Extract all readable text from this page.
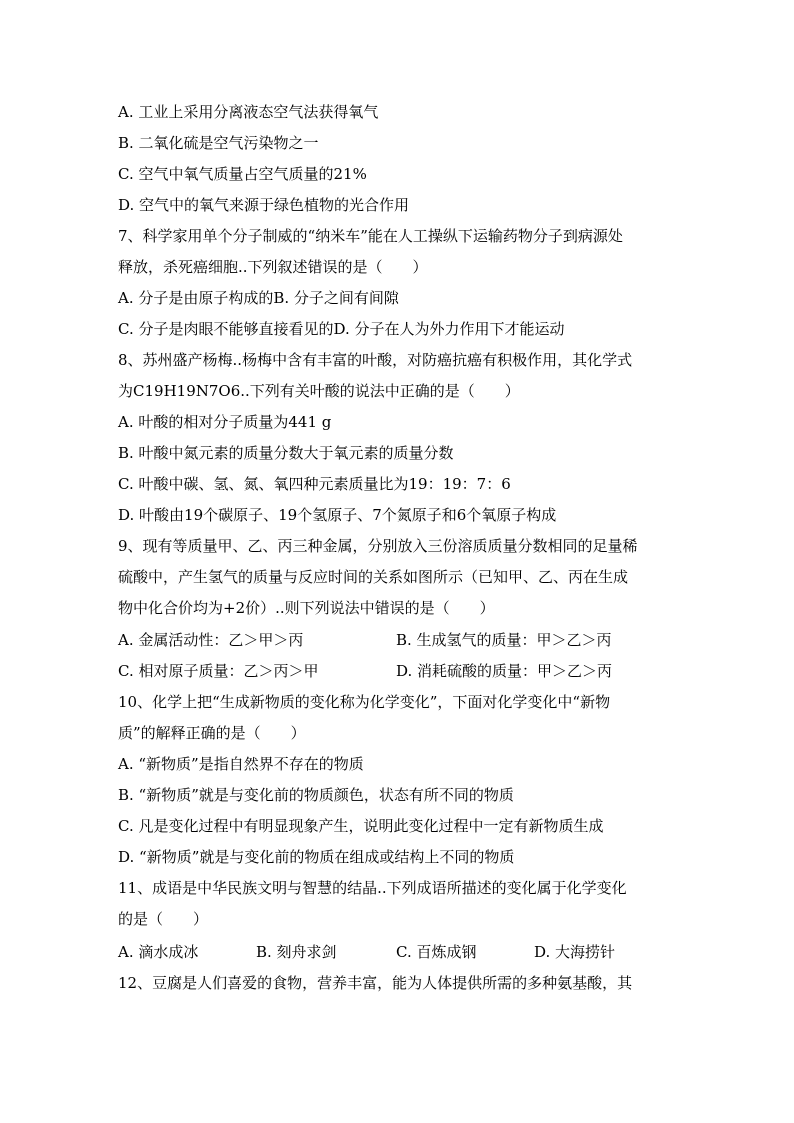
A. 工业上采用分离液态空气法获得氧气
B. 二氧化硫是空气污染物之一
C. 空气中氧气质量占空气质量的21%
D. 空气中的氧气来源于绿色植物的光合作用
7、科学家用单个分子制威的“纳米车”能在人工操纵下运输药物分子到病源处
释放，杀死癌细胞..下列叙述错误的是（　　）
A. 分子是由原子构成的B. 分子之间有间隙
C. 分子是肉眼不能够直接看见的D. 分子在人为外力作用下才能运动
8、苏州盛产杨梅..杨梅中含有丰富的叶酸，对防癌抗癌有积极作用，其化学式
为C19H19N7O6..下列有关叶酸的说法中正确的是（　　）
A. 叶酸的相对分子质量为441 g
B. 叶酸中氮元素的质量分数大于氧元素的质量分数
C. 叶酸中碳、氢、氮、氧四种元素质量比为19：19：7：6
D. 叶酸由19个碳原子、19个氢原子、7个氮原子和6个氧原子构成
9、现有等质量甲、乙、丙三种金属，分别放入三份溶质质量分数相同的足量稀
硫酸中，产生氢气的质量与反应时间的关系如图所示（已知甲、乙、丙在生成
物中化合价均为+2价）..则下列说法中错误的是（　　）
A. 金属活动性：乙＞甲＞丙	B. 生成氢气的质量：甲＞乙＞丙
C. 相对原子质量：乙＞丙＞甲	D. 消耗硫酸的质量：甲＞乙＞丙
10、化学上把“生成新物质的变化称为化学变化”，下面对化学变化中“新物
质”的解释正确的是（　　）
A. “新物质”是指自然界不存在的物质
B. “新物质”就是与变化前的物质颜色，状态有所不同的物质
C. 凡是变化过程中有明显现象产生，说明此变化过程中一定有新物质生成
D. “新物质”就是与变化前的物质在组成或结构上不同的物质
11、成语是中华民族文明与智慧的结晶..下列成语所描述的变化属于化学变化
的是（　　）
A. 滴水成冰	B. 刻舟求剑	C. 百炼成钢	D. 大海捞针
12、豆腐是人们喜爱的食物，营养丰富，能为人体提供所需的多种氨基酸，其
